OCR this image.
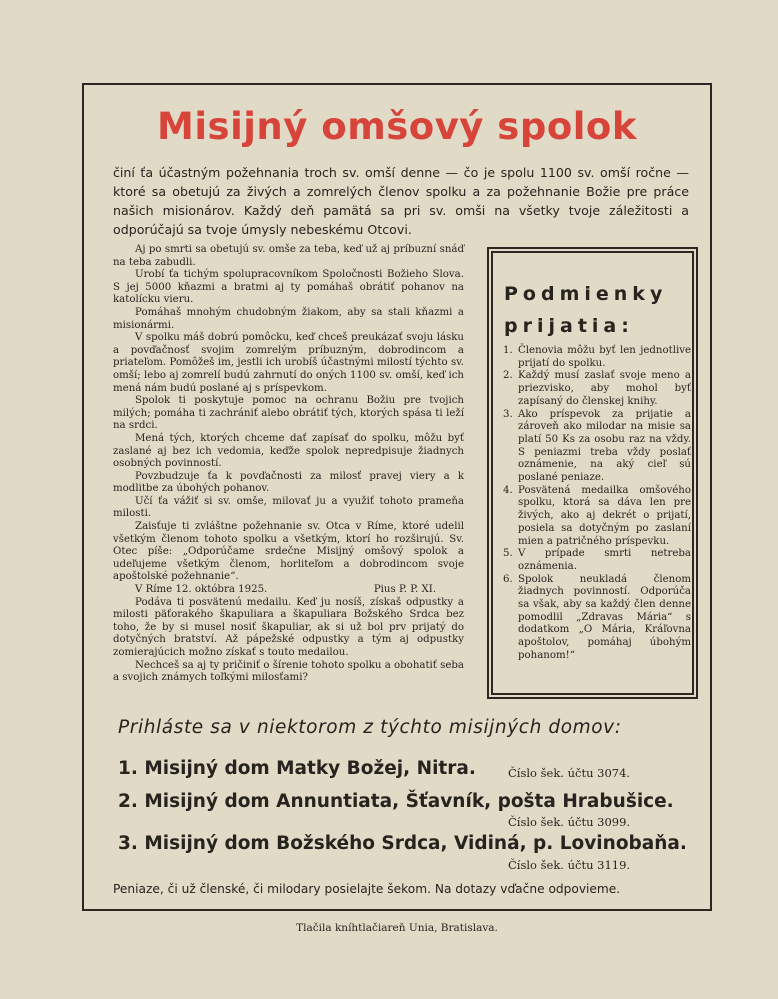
Misijný omšový spolok
činí ťa účastným požehnania troch sv. omší denne — čo je spolu 1100 sv. omší ročne — ktoré sa obetujú za živých a zomrelých členov spolku a za požehnanie Božie pre práce našich misionárov. Každý deň pamätá sa pri sv. omši na všetky tvoje záležitosti a odporúčajú sa tvoje úmysly nebeskému Otcovi.

Aj po smrti sa obetujú sv. omše za teba, keď už aj príbuzní snáď na teba zabudli.

Urobí ťa tichým spolupracovníkom Spoločnosti Božieho Slova. S jej 5000 kňazmi a bratmi aj ty pomáhaš obrátiť pohanov na katolícku vieru.

Pomáhaš mnohým chudobným žiakom, aby sa stali kňazmi a misionármi.

V spolku máš dobrú pomôcku, keď chceš preukázať svoju lásku a povďačnosť svojim zomrelým príbuzným, dobrodincom a priateľom. Pomôžeš im, jestli ich urobíš účastnými milostí týchto sv. omší; lebo aj zomrelí budú zahrnutí do oných 1100 sv. omší, keď ich mená nám budú poslané aj s príspevkom.

Spolok ti poskytuje pomoc na ochranu Božiu pre tvojich milých; pomáha ti zachrániť alebo obrátiť tých, ktorých spása ti leží na srdci.

Mená tých, ktorých chceme dať zapísať do spolku, môžu byť zaslané aj bez ich vedomia, keďže spolok nepredpisuje žiadnych osobných povinností.

Povzbudzuje ťa k povďačnosti za milosť pravej viery a k modlitbe za úbohých pohanov.

Učí ťa vážiť si sv. omše, milovať ju a využiť tohoto prameňa milosti.

Zaisťuje ti zvláštne požehnanie sv. Otca v Ríme, ktoré udelil všetkým členom tohoto spolku a všetkým, ktorí ho rozširujú. Sv. Otec píše: „Odporúčame srdečne Misijný omšový spolok a udeľujeme všetkým členom, horliteľom a dobrodincom svoje apoštolské požehnanie“.

V Ríme 12. októbra 1925.	Pius P. P. XI.

Podáva ti posvätenú medailu. Keď ju nosíš, získaš odpustky a milosti päťorakého škapuliara a škapuliara Božského Srdca bez toho, že by si musel nosiť škapuliar, ak si už bol prv prijatý do dotyčných bratství. Až pápežské odpustky a tým aj odpustky zomierajúcich možno získať s touto medailou.

Nechceš sa aj ty pričiniť o šírenie tohoto spolku a obohatiť seba a svojich známych toľkými milosťami?

Podmienky
prijatia:
1. Členovia môžu byť len jednotlive prijatí do spolku.
2. Každý musí zaslať svoje meno a priezvisko, aby mohol byť zapísaný do členskej knihy.
3. Ako príspevok za prijatie a zároveň ako milodar na misie sa platí 50 Ks za osobu raz na vždy. S peniazmi treba vždy poslať oznámenie, na aký cieľ sú poslané peniaze.
4. Posvätená medailka omšového spolku, ktorá sa dáva len pre živých, ako aj dekrét o prijatí, posiela sa dotyčným po zaslaní mien a patričného príspevku.
5. V prípade smrti netreba oznámenia.
6. Spolok neukladá členom žiadnych povinností. Odporúča sa však, aby sa každý člen denne pomodlil „Zdravas Mária“ s dodatkom „O Mária, Kráľovna apoštolov, pomáhaj úbohým pohanom!“
Prihláste sa v niektorom z týchto misijných domov:
1. Misijný dom Matky Božej, Nitra.	Číslo šek. účtu 3074.
2. Misijný dom Annuntiata, Šťavník, pošta Hrabušice.
Číslo šek. účtu 3099.
3. Misijný dom Božského Srdca, Vidiná, p. Lovinobaňa.
Číslo šek. účtu 3119.
Peniaze, či už členské, či milodary posielajte šekom. Na dotazy vďačne odpovieme.
Tlačila kníhtlačiareň Unia, Bratislava.
